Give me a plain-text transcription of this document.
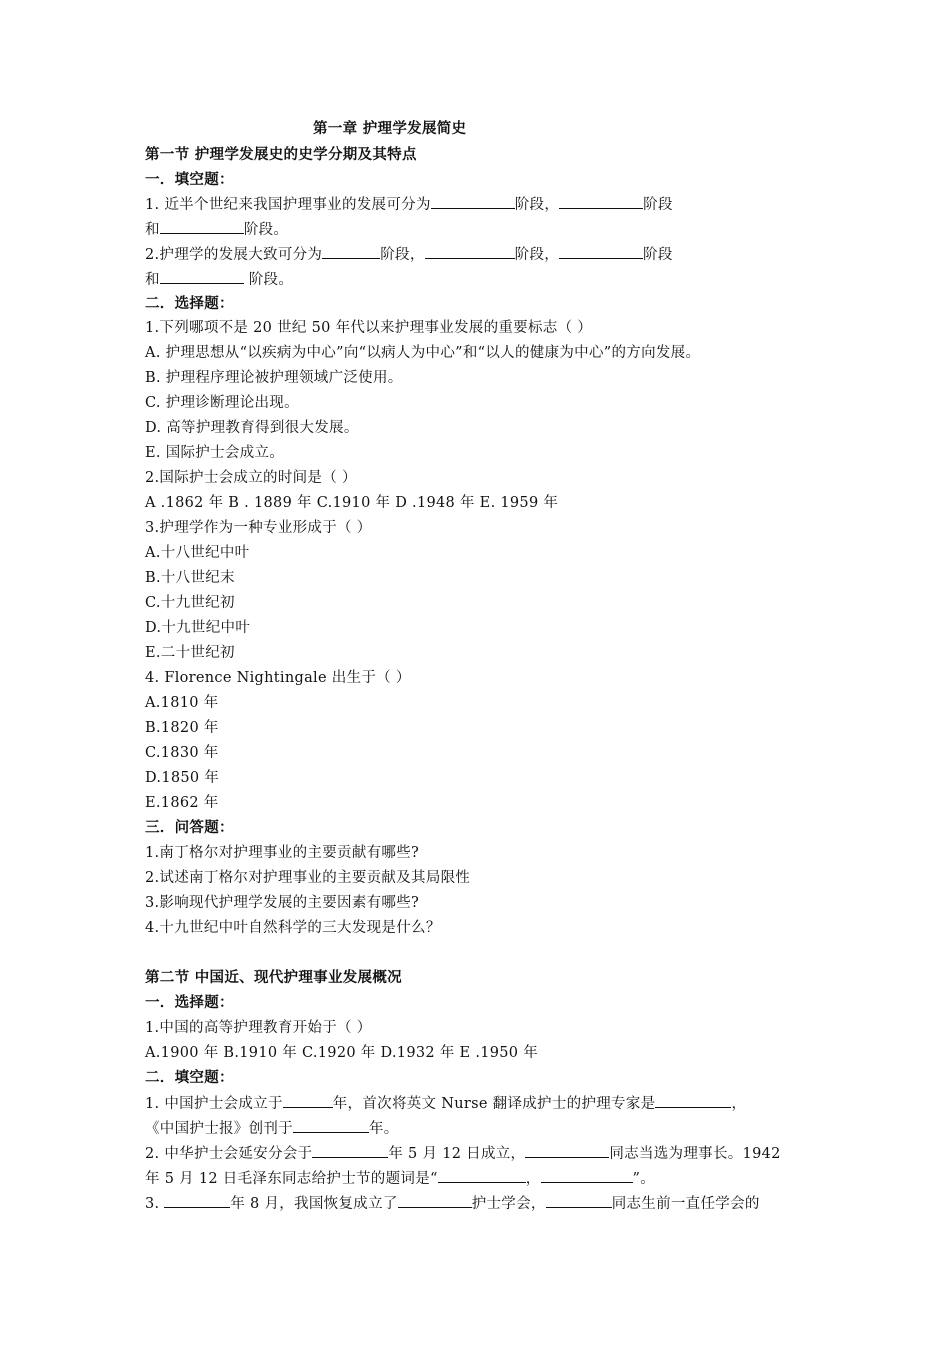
第一章 护理学发展简史
第一节 护理学发展史的史学分期及其特点
一．填空题：
1. 近半个世纪来我国护理事业的发展可分为	阶段，	阶段
和	阶段。
2.护理学的发展大致可分为	阶段，	阶段，	阶段
和	阶段。
二．选择题：
1.下列哪项不是 20 世纪 50 年代以来护理事业发展的重要标志（ ）
A. 护理思想从“以疾病为中心”向“以病人为中心”和“以人的健康为中心”的方向发展。
B. 护理程序理论被护理领域广泛使用。
C. 护理诊断理论出现。
D. 高等护理教育得到很大发展。
E. 国际护士会成立。
2.国际护士会成立的时间是（ ）
A .1862 年 B . 1889 年 C.1910 年 D .1948 年 E. 1959 年
3.护理学作为一种专业形成于（ ）
A.十八世纪中叶
B.十八世纪末
C.十九世纪初
D.十九世纪中叶
E.二十世纪初
4. Florence Nightingale 出生于（ ）
A.1810 年
B.1820 年
C.1830 年
D.1850 年
E.1862 年
三．问答题：
1.南丁格尔对护理事业的主要贡献有哪些?
2.试述南丁格尔对护理事业的主要贡献及其局限性
3.影响现代护理学发展的主要因素有哪些?
4.十九世纪中叶自然科学的三大发现是什么？
第二节 中国近、现代护理事业发展概况
一．选择题：
1.中国的高等护理教育开始于（ ）
A.1900 年 B.1910 年 C.1920 年 D.1932 年 E .1950 年
二．填空题：
1. 中国护士会成立于	年，首次将英文 Nurse 翻译成护士的护理专家是	，
《中国护士报》创刊于	年。
2. 中华护士会延安分会于	年 5 月 12 日成立，	同志当选为理事长。1942
年 5 月 12 日毛泽东同志给护士节的题词是“	，	”。
3.	年 8 月，我国恢复成立了	护士学会，	同志生前一直任学会的
